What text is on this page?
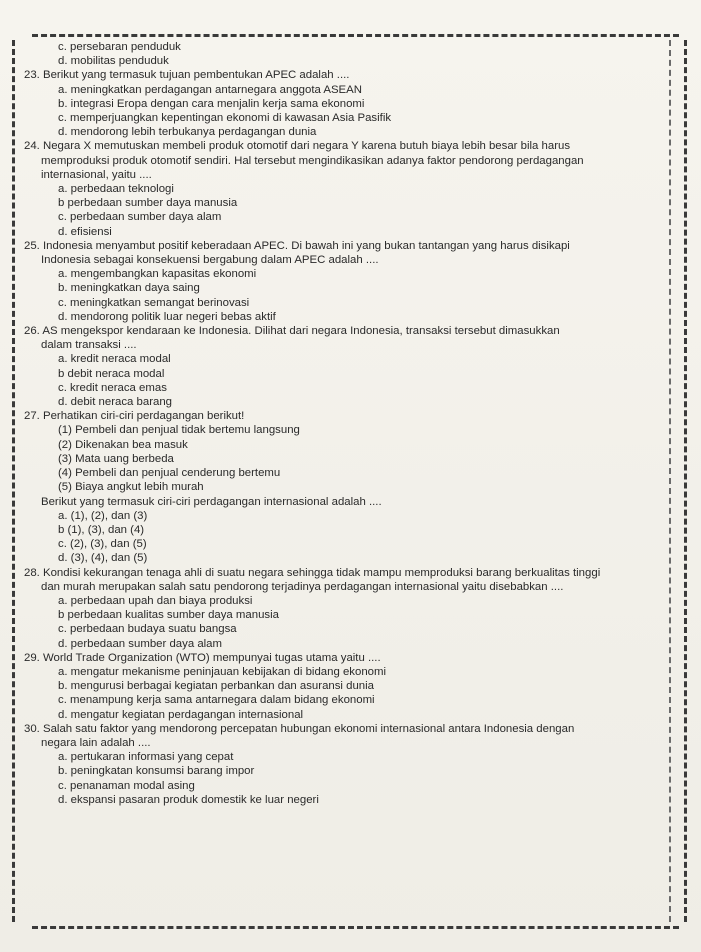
c. persebaran penduduk
d. mobilitas penduduk
23. Berikut yang termasuk tujuan pembentukan APEC adalah ....
a. meningkatkan perdagangan antarnegara anggota ASEAN
b. integrasi Eropa dengan cara menjalin kerja sama ekonomi
c. memperjuangkan kepentingan ekonomi di kawasan Asia Pasifik
d. mendorong lebih terbukanya perdagangan dunia
24. Negara X memutuskan membeli produk otomotif dari negara Y karena butuh biaya lebih besar bila harus
memproduksi produk otomotif sendiri. Hal tersebut mengindikasikan adanya faktor pendorong perdagangan
internasional, yaitu ....
a. perbedaan teknologi
b perbedaan sumber daya manusia
c. perbedaan sumber daya alam
d. efisiensi
25. Indonesia menyambut positif keberadaan APEC. Di bawah ini yang bukan tantangan yang harus disikapi
Indonesia sebagai konsekuensi bergabung dalam APEC adalah ....
a. mengembangkan kapasitas ekonomi
b. meningkatkan daya saing
c. meningkatkan semangat berinovasi
d. mendorong politik luar negeri bebas aktif
26. AS mengekspor kendaraan ke Indonesia. Dilihat dari negara Indonesia, transaksi tersebut dimasukkan
dalam transaksi ....
a. kredit neraca modal
b debit neraca modal
c. kredit neraca emas
d. debit neraca barang
27. Perhatikan ciri-ciri perdagangan berikut!
(1) Pembeli dan penjual tidak bertemu langsung
(2) Dikenakan bea masuk
(3) Mata uang berbeda
(4) Pembeli dan penjual cenderung bertemu
(5) Biaya angkut lebih murah
Berikut yang termasuk ciri-ciri perdagangan internasional adalah ....
a. (1), (2), dan (3)
b (1), (3), dan (4)
c. (2), (3), dan (5)
d. (3), (4), dan (5)
28. Kondisi kekurangan tenaga ahli di suatu negara sehingga tidak mampu memproduksi barang berkualitas tinggi
dan murah merupakan salah satu pendorong terjadinya perdagangan internasional yaitu disebabkan ....
a. perbedaan upah dan biaya produksi
b perbedaan kualitas sumber daya manusia
c. perbedaan budaya suatu bangsa
d. perbedaan sumber daya alam
29. World Trade Organization (WTO) mempunyai tugas utama yaitu ....
a. mengatur mekanisme peninjauan kebijakan di bidang ekonomi
b. mengurusi berbagai kegiatan perbankan dan asuransi dunia
c. menampung kerja sama antarnegara dalam bidang ekonomi
d. mengatur kegiatan perdagangan internasional
30. Salah satu faktor yang mendorong percepatan hubungan ekonomi internasional antara Indonesia dengan
negara lain adalah ....
a. pertukaran informasi yang cepat
b. peningkatan konsumsi barang impor
c. penanaman modal asing
d. ekspansi pasaran produk domestik ke luar negeri
